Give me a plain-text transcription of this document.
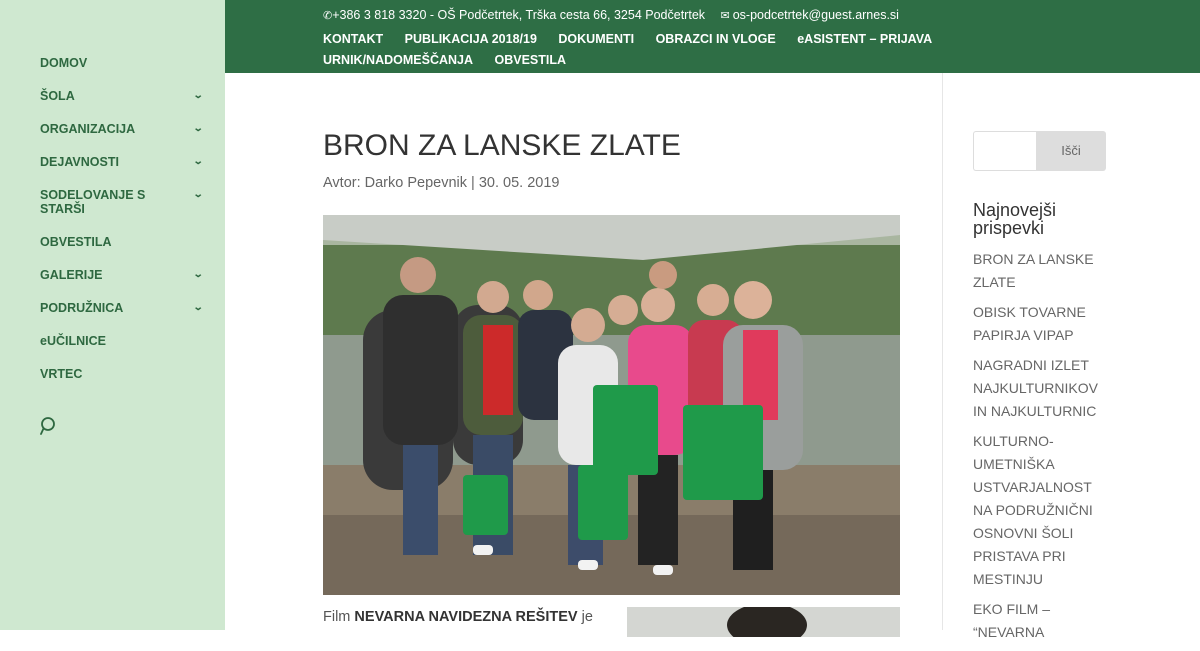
DOMOV
ŠOLA	⌄
ORGANIZACIJA	⌄
DEJAVNOSTI	⌄
SODELOVANJE S STARŠI
⌄
OBVESTILA
GALERIJE	⌄
PODRUŽNICA	⌄
eUČILNICE
VRTEC
✆+386 3 818 3320 - OŠ Podčetrtek, Trška cesta 66, 3254 Podčetrtek ✉ os-podcetrtek@guest.arnes.si
KONTAKT PUBLIKACIJA 2018/19 DOKUMENTI OBRAZCI IN VLOGE eASISTENT – PRIJAVA URNIK/NADOMEŠČANJA OBVESTILA
BRON ZA LANSKE ZLATE
Avtor: Darko Pepevnik | 30. 05. 2019
Film NEVARNA NAVIDEZNA REŠITEV je
Išči
Najnovejši prispevki
BRON ZA LANSKE ZLATE
OBISK TOVARNE PAPIRJA VIPAP
NAGRADNI IZLET NAJKULTURNIKOV IN NAJKULTURNIC
KULTURNO-UMETNIŠKA USTVARJALNOST NA PODRUŽNIČNI OSNOVNI ŠOLI PRISTAVA PRI MESTINJU
EKO FILM – “NEVARNA
